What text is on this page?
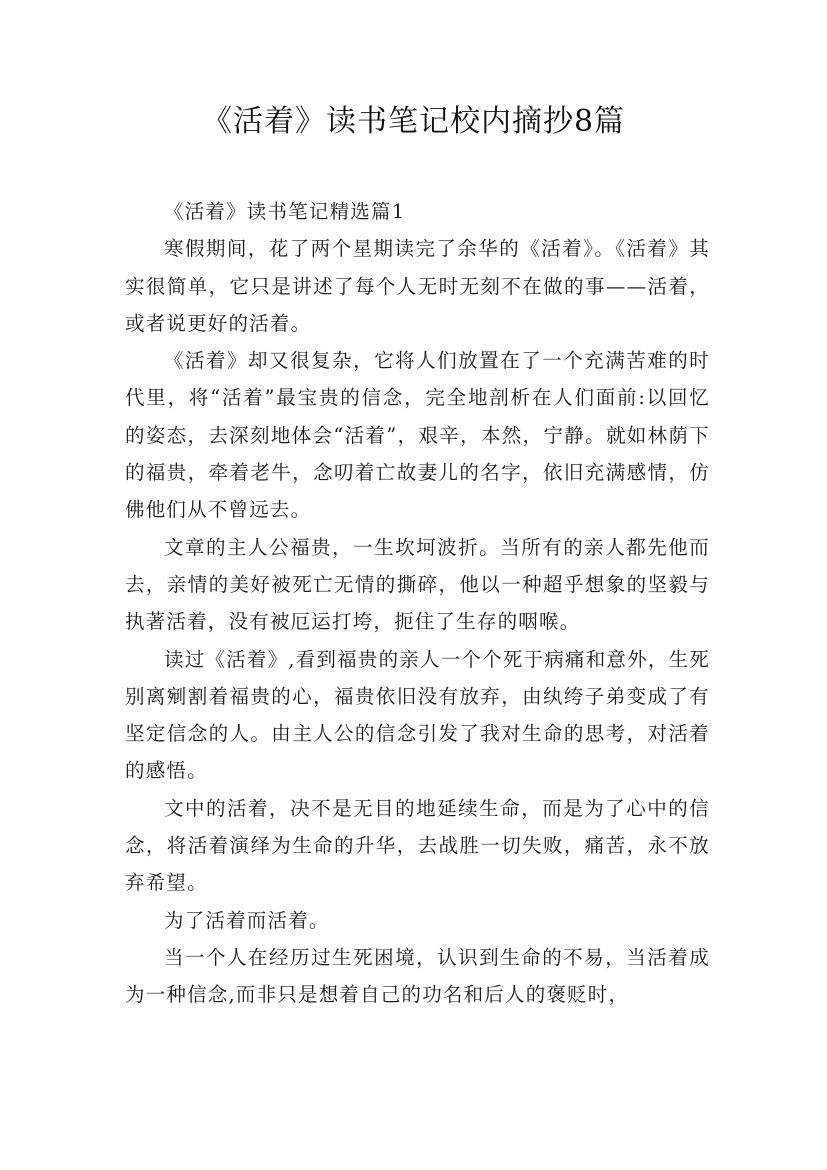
《活着》读书笔记校内摘抄8篇

《活着》读书笔记精选篇1

寒假期间，花了两个星期读完了余华的《活着》。《活着》其实很简单，它只是讲述了每个人无时无刻不在做的事——活着，或者说更好的活着。

《活着》却又很复杂，它将人们放置在了一个充满苦难的时代里，将“活着”最宝贵的信念，完全地剖析在人们面前:以回忆的姿态，去深刻地体会“活着”，艰辛，本然，宁静。就如林荫下的福贵，牵着老牛，念叨着亡故妻儿的名字，依旧充满感情，仿佛他们从不曾远去。

文章的主人公福贵，一生坎坷波折。当所有的亲人都先他而去，亲情的美好被死亡无情的撕碎，他以一种超乎想象的坚毅与执著活着，没有被厄运打垮，扼住了生存的咽喉。

读过《活着》,看到福贵的亲人一个个死于病痛和意外，生死别离剜割着福贵的心，福贵依旧没有放弃，由纨绔子弟变成了有坚定信念的人。由主人公的信念引发了我对生命的思考，对活着的感悟。

文中的活着，决不是无目的地延续生命，而是为了心中的信念，将活着演绎为生命的升华，去战胜一切失败，痛苦，永不放弃希望。

为了活着而活着。

当一个人在经历过生死困境，认识到生命的不易，当活着成为一种信念,而非只是想着自己的功名和后人的褒贬时，
